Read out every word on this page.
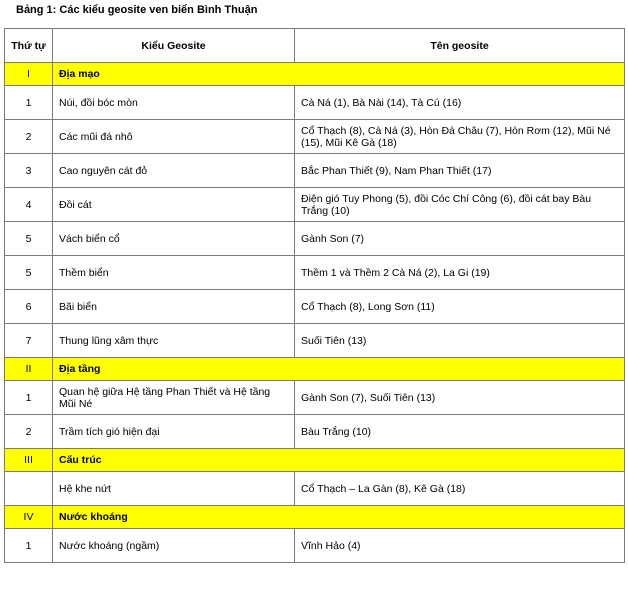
Bảng 1: Các kiểu geosite ven biển Bình Thuận
Thứ tự	Kiểu Geosite	Tên geosite
I	Địa mạo	
1	Núi, đồi bóc mòn	Cà Ná (1), Bà Nài (14), Tà Cú (16)
2	Các mũi đá nhô	Cổ Thạch (8), Cà Ná (3), Hòn Đá Châu (7), Hòn Rơm (12), Mũi Né (15), Mũi Kê Gà (18)
3	Cao nguyên cát đỏ	Bắc Phan Thiết (9), Nam Phan Thiết (17)
4	Đồi cát	Điện gió Tuy Phong (5), đồi Cóc Chí Công (6), đồi cát bay Bàu Trắng (10)
5	Vách biển cổ	Gành Son (7)
5	Thềm biển	Thềm 1 và Thềm 2 Cà Ná (2), La Gi (19)
6	Bãi biển	Cổ Thạch (8), Long Sơn (11)
7	Thung lũng xâm thực	Suối Tiên (13)
II	Địa tầng	
1	Quan hệ giữa Hệ tầng Phan Thiết và Hệ tầng Mũi Né	Gành Son (7), Suối Tiên (13)
2	Trầm tích gió hiện đại	Bàu Trắng (10)
III	Cấu trúc	
	Hệ khe nứt	Cổ Thạch – La Gàn (8), Kê Gà (18)
IV	Nước khoáng	
1	Nước khoáng (ngầm)	Vĩnh Hảo (4)
